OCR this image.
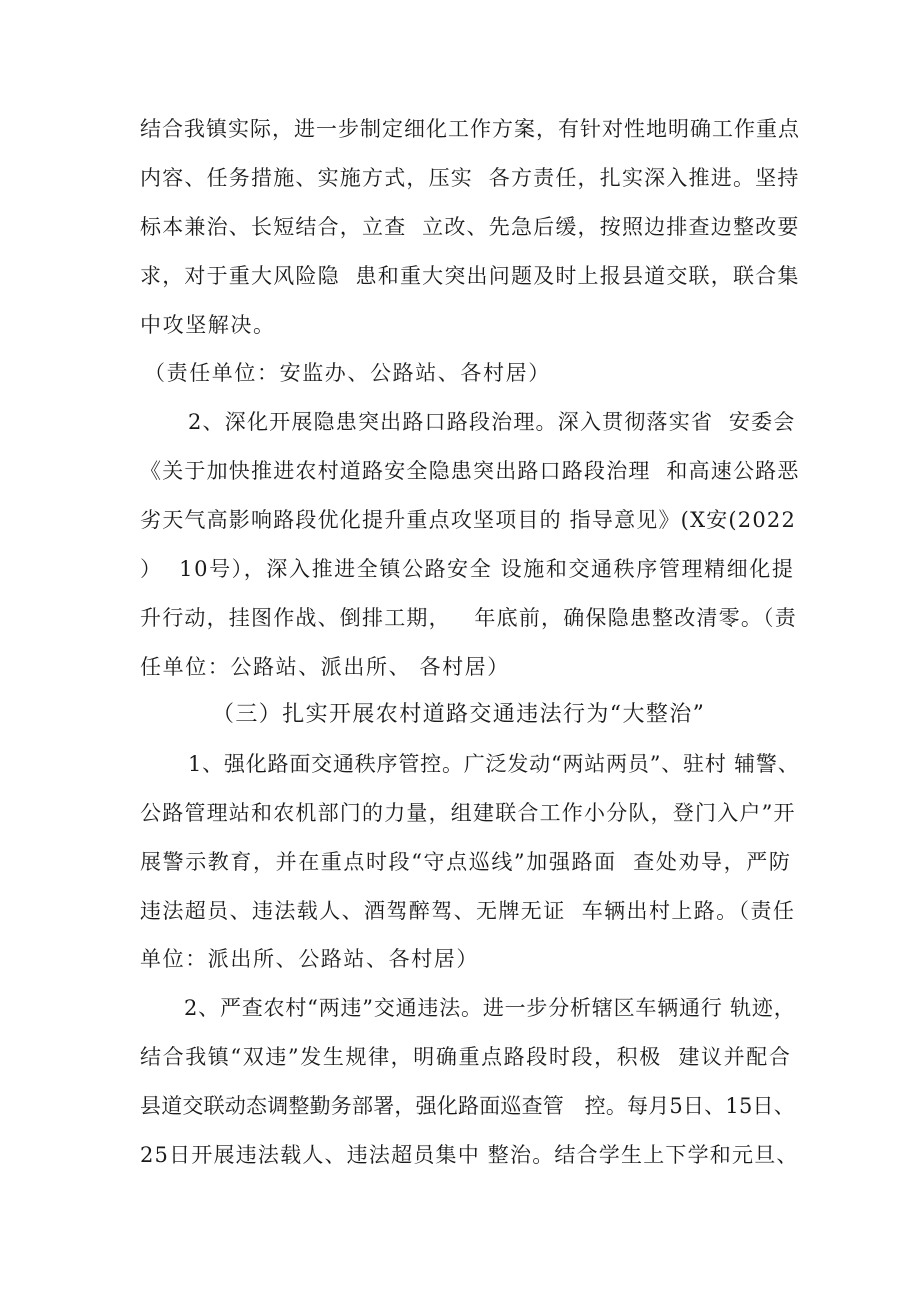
结合我镇实际，进一步制定细化工作方案，有针对性地明确工作重点
内容、任务措施、实施方式，压实  各方责任，扎实深入推进。坚持
标本兼治、长短结合，立查  立改、先急后缓，按照边排查边整改要
求，对于重大风险隐  患和重大突出问题及时上报县道交联，联合集
中攻坚解决。
（责任单位：安监办、公路站、各村居）
2、深化开展隐患突出路口路段治理。深入贯彻落实省  安委会
《关于加快推进农村道路安全隐患突出路口路段治理  和高速公路恶
劣天气高影响路段优化提升重点攻坚项目的 指导意见》(X安(2022
）  10号），深入推进全镇公路安全 设施和交通秩序管理精细化提
升行动，挂图作战、倒排工期，   年底前，确保隐患整改清零。（责
任单位：公路站、派出所、 各村居）
（三）扎实开展农村道路交通违法行为“大整治”
1、强化路面交通秩序管控。广泛发动“两站两员”、驻村 辅警、
公路管理站和农机部门的力量，组建联合工作小分队，登门入户”开
展警示教育，并在重点时段“守点巡线”加强路面  查处劝导，严防
违法超员、违法载人、酒驾醉驾、无牌无证  车辆出村上路。（责任
单位：派出所、公路站、各村居）
2、严查农村“两违”交通违法。进一步分析辖区车辆通行 轨迹，
结合我镇“双违”发生规律，明确重点路段时段，积极  建议并配合
县道交联动态调整勤务部署，强化路面巡查管   控。每月5日、15日、
25日开展违法载人、违法超员集中 整治。结合学生上下学和元旦、
